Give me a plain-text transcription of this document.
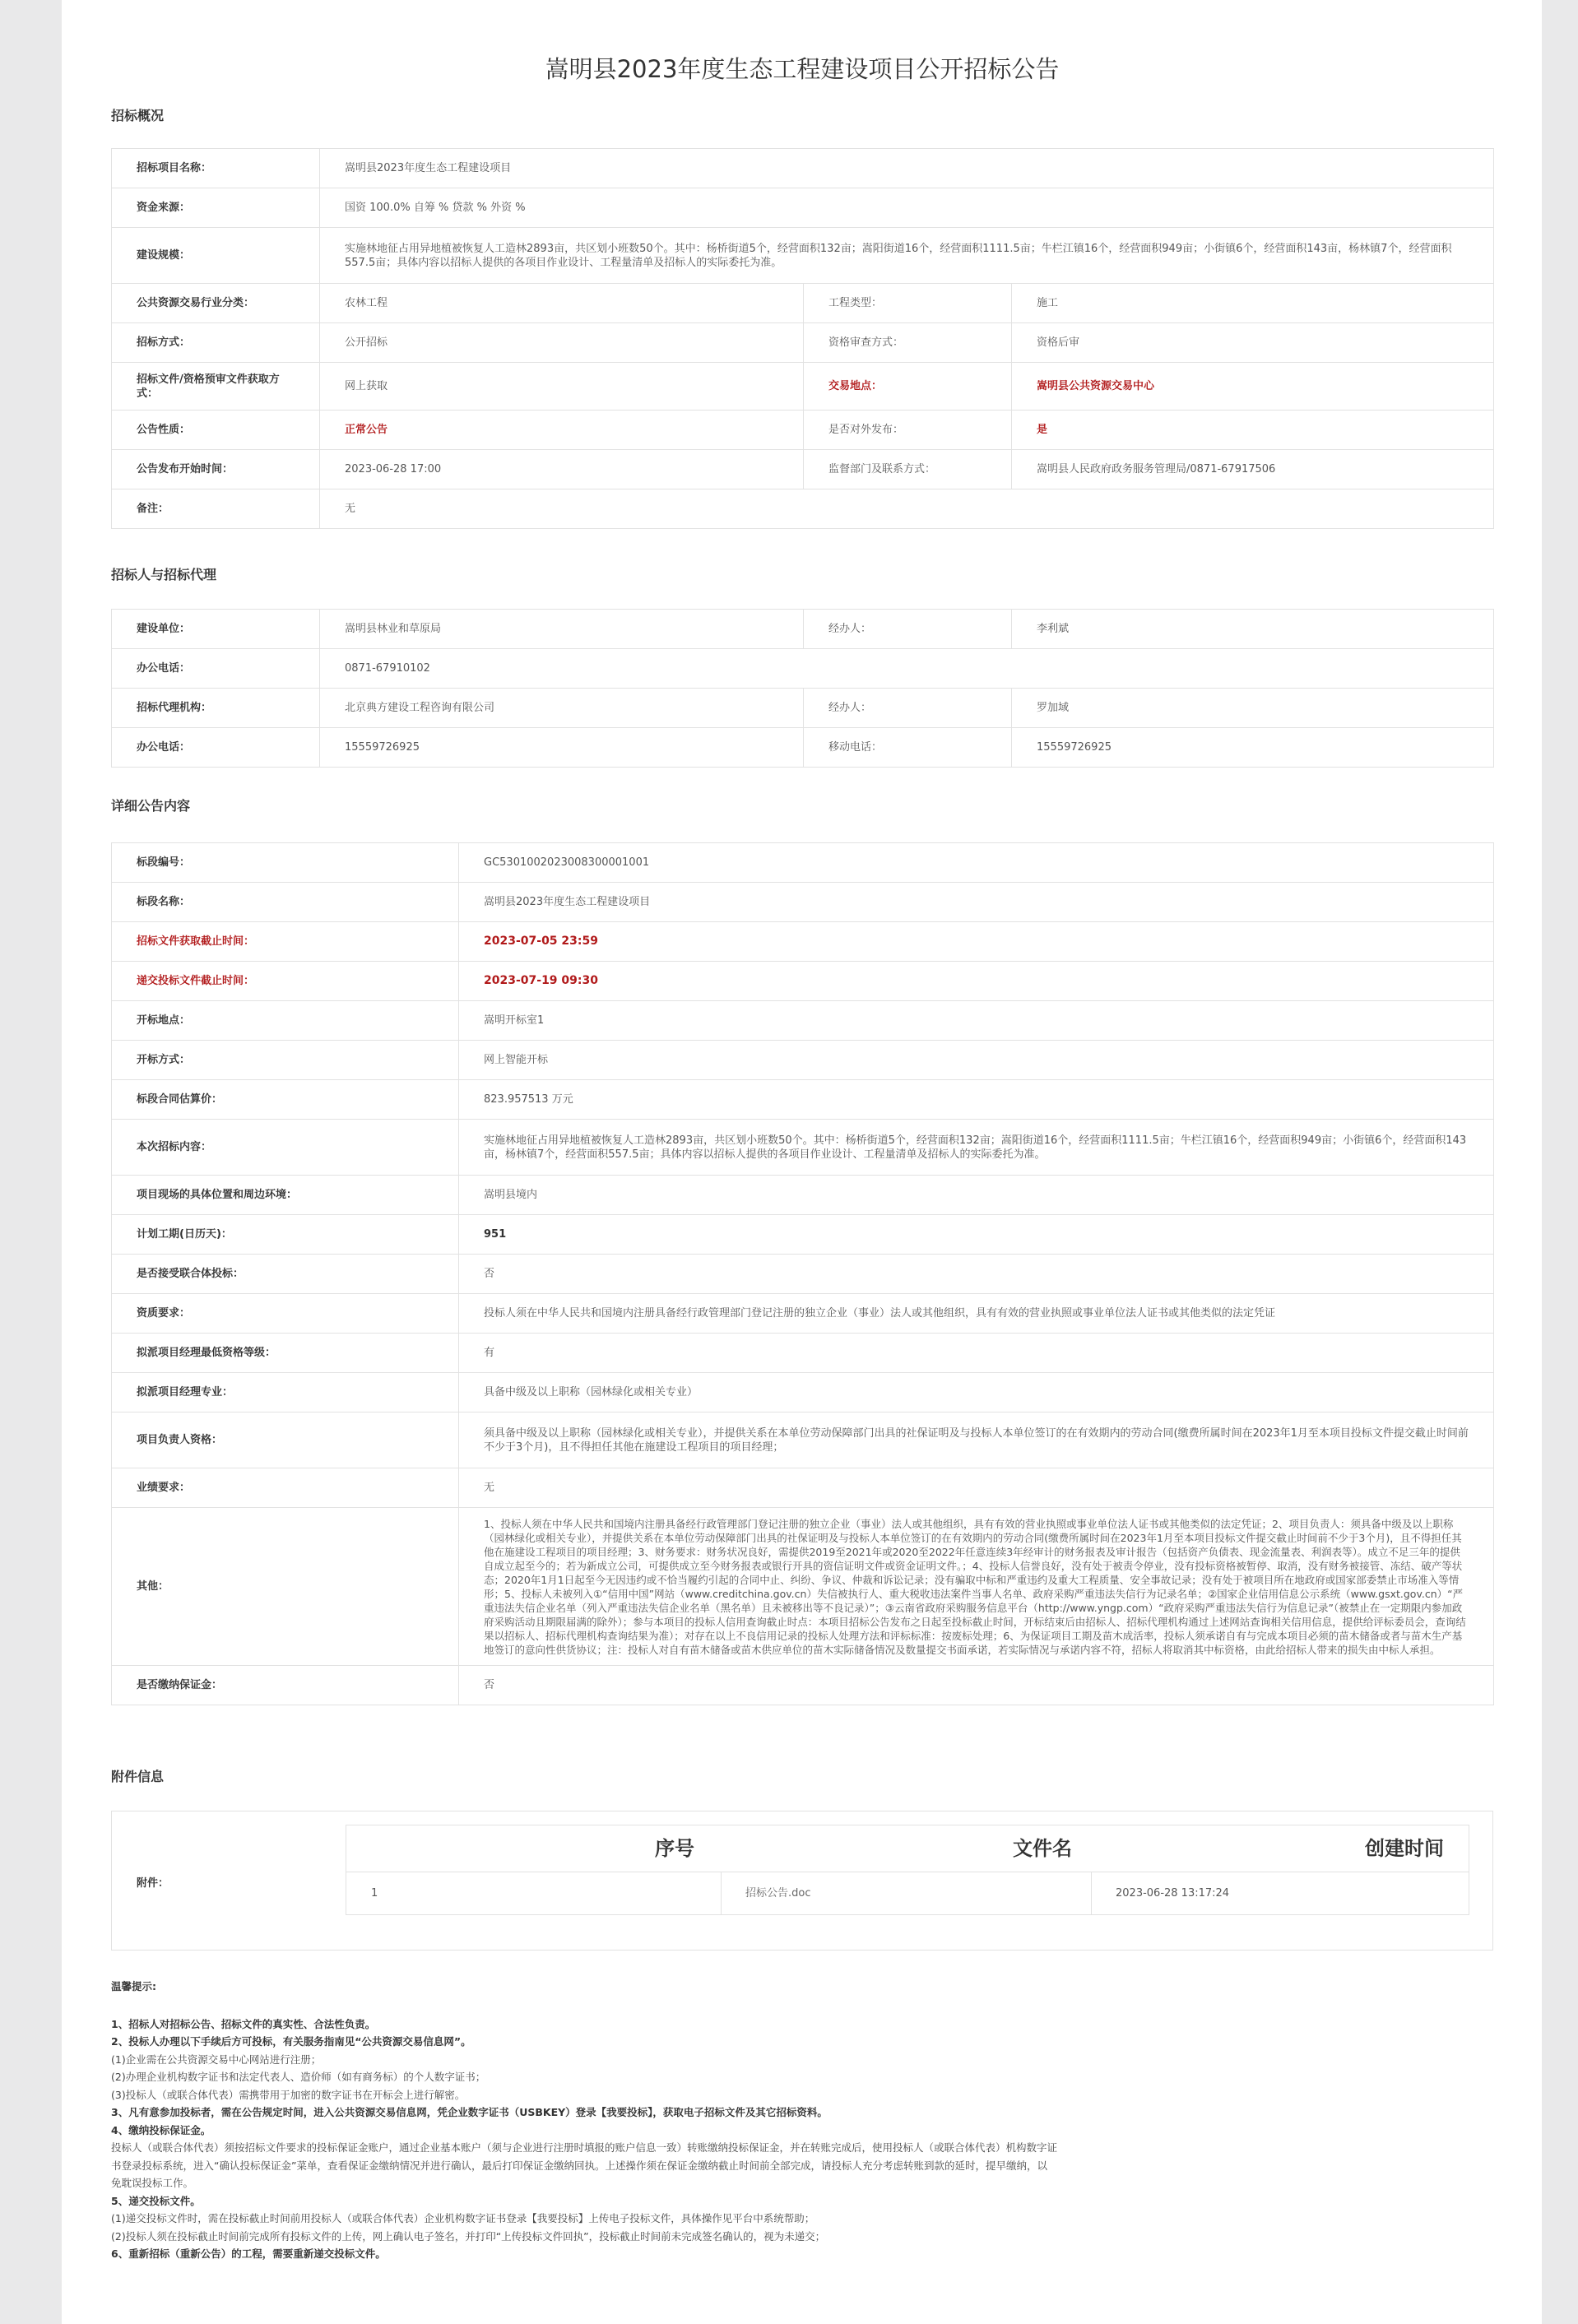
嵩明县2023年度生态工程建设项目公开招标公告
招标概况
招标项目名称：	嵩明县2023年度生态工程建设项目		
资金来源：	国资 100.0% 自筹 % 贷款 % 外资 %		
建设规模：	实施林地征占用异地植被恢复人工造林2893亩，共区划小班数50个。其中：杨桥街道5个，经营面积132亩；嵩阳街道16个，经营面积1111.5亩；牛栏江镇16个，经营面积949亩；小街镇6个，经营面积143亩，杨林镇7个，经营面积557.5亩；具体内容以招标人提供的各项目作业设计、工程量清单及招标人的实际委托为准。		
公共资源交易行业分类：	农林工程	工程类型：	施工
招标方式：	公开招标	资格审查方式：	资格后审
招标文件/资格预审文件获取方式：	网上获取	交易地点：	嵩明县公共资源交易中心
公告性质：	正常公告	是否对外发布：	是
公告发布开始时间：	2023-06-28 17:00	监督部门及联系方式：	嵩明县人民政府政务服务管理局/0871-67917506
备注：	无		
招标人与招标代理
建设单位：	嵩明县林业和草原局	经办人：	李利斌
办公电话：	0871-67910102		
招标代理机构：	北京典方建设工程咨询有限公司	经办人：	罗加域
办公电话：	15559726925	移动电话：	15559726925
详细公告内容
标段编号：	GC5301002023008300001001
标段名称：	嵩明县2023年度生态工程建设项目
招标文件获取截止时间：	2023-07-05 23:59
递交投标文件截止时间：	2023-07-19 09:30
开标地点：	嵩明开标室1
开标方式：	网上智能开标
标段合同估算价：	823.957513 万元
本次招标内容：	实施林地征占用异地植被恢复人工造林2893亩，共区划小班数50个。其中：杨桥街道5个，经营面积132亩；嵩阳街道16个，经营面积1111.5亩；牛栏江镇16个，经营面积949亩；小街镇6个，经营面积143亩，杨林镇7个，经营面积557.5亩；具体内容以招标人提供的各项目作业设计、工程量清单及招标人的实际委托为准。
项目现场的具体位置和周边环境：	嵩明县境内
计划工期(日历天)：	951
是否接受联合体投标：	否
资质要求：	投标人须在中华人民共和国境内注册具备经行政管理部门登记注册的独立企业（事业）法人或其他组织，具有有效的营业执照或事业单位法人证书或其他类似的法定凭证
拟派项目经理最低资格等级：	有
拟派项目经理专业：	具备中级及以上职称（园林绿化或相关专业）
项目负责人资格：	须具备中级及以上职称（园林绿化或相关专业），并提供关系在本单位劳动保障部门出具的社保证明及与投标人本单位签订的在有效期内的劳动合同(缴费所属时间在2023年1月至本项目投标文件提交截止时间前不少于3个月)，且不得担任其他在施建设工程项目的项目经理；
业绩要求：	无
其他：	1、投标人须在中华人民共和国境内注册具备经行政管理部门登记注册的独立企业（事业）法人或其他组织，具有有效的营业执照或事业单位法人证书或其他类似的法定凭证；2、项目负责人：须具备中级及以上职称（园林绿化或相关专业），并提供关系在本单位劳动保障部门出具的社保证明及与投标人本单位签订的在有效期内的劳动合同(缴费所属时间在2023年1月至本项目投标文件提交截止时间前不少于3个月)，且不得担任其他在施建设工程项目的项目经理；3、财务要求：财务状况良好，需提供2019至2021年或2020至2022年任意连续3年经审计的财务报表及审计报告（包括资产负债表、现金流量表、利润表等）。成立不足三年的提供自成立起至今的；若为新成立公司，可提供成立至今财务报表或银行开具的资信证明文件或资金证明文件。；4、投标人信誉良好，没有处于被责令停业，没有投标资格被暂停、取消，没有财务被接管、冻结、破产等状态；2020年1月1日起至今无因违约或不恰当履约引起的合同中止、纠纷、争议、仲裁和诉讼记录；没有骗取中标和严重违约及重大工程质量、安全事故记录；没有处于被项目所在地政府或国家部委禁止市场准入等情形；5、投标人未被列入①“信用中国”网站（www.creditchina.gov.cn）失信被执行人、重大税收违法案件当事人名单、政府采购严重违法失信行为记录名单；②国家企业信用信息公示系统（www.gsxt.gov.cn）“严重违法失信企业名单（列入严重违法失信企业名单（黑名单）且未被移出等不良记录）”；③云南省政府采购服务信息平台（http://www.yngp.com）“政府采购严重违法失信行为信息记录”（被禁止在一定期限内参加政府采购活动且期限届满的除外）；参与本项目的投标人信用查询截止时点：本项目招标公告发布之日起至投标截止时间，开标结束后由招标人、招标代理机构通过上述网站查询相关信用信息，提供给评标委员会，查询结果以招标人、招标代理机构查询结果为准）；对存在以上不良信用记录的投标人处理方法和评标标准：按废标处理；6、为保证项目工期及苗木成活率，投标人须承诺自有与完成本项目必须的苗木储备或者与苗木生产基地签订的意向性供货协议；注：投标人对自有苗木储备或苗木供应单位的苗木实际储备情况及数量提交书面承诺，若实际情况与承诺内容不符，招标人将取消其中标资格，由此给招标人带来的损失由中标人承担。
是否缴纳保证金：	否
附件信息
附件：
序号	文件名	创建时间
1	招标公告.doc	2023-06-28 13:17:24
温馨提示:
1、招标人对招标公告、招标文件的真实性、合法性负责。
2、投标人办理以下手续后方可投标，有关服务指南见“公共资源交易信息网”。
(1)企业需在公共资源交易中心网站进行注册；
(2)办理企业机构数字证书和法定代表人、造价师（如有商务标）的个人数字证书；
(3)投标人（或联合体代表）需携带用于加密的数字证书在开标会上进行解密。
3、凡有意参加投标者，需在公告规定时间，进入公共资源交易信息网，凭企业数字证书（USBKEY）登录【我要投标】，获取电子招标文件及其它招标资料。
4、缴纳投标保证金。
投标人（或联合体代表）须按招标文件要求的投标保证金账户，通过企业基本账户（须与企业进行注册时填报的账户信息一致）转账缴纳投标保证金，并在转账完成后，使用投标人（或联合体代表）机构数字证
书登录投标系统，进入“确认投标保证金”菜单，查看保证金缴纳情况并进行确认，最后打印保证金缴纳回执。上述操作须在保证金缴纳截止时间前全部完成，请投标人充分考虑转账到款的延时，提早缴纳，以
免耽误投标工作。
5、递交投标文件。
(1)递交投标文件时，需在投标截止时间前用投标人（或联合体代表）企业机构数字证书登录【我要投标】上传电子投标文件，具体操作见平台中系统帮助；
(2)投标人须在投标截止时间前完成所有投标文件的上传，网上确认电子签名，并打印“上传投标文件回执”，投标截止时间前未完成签名确认的，视为未递交；
6、重新招标（重新公告）的工程，需要重新递交投标文件。
